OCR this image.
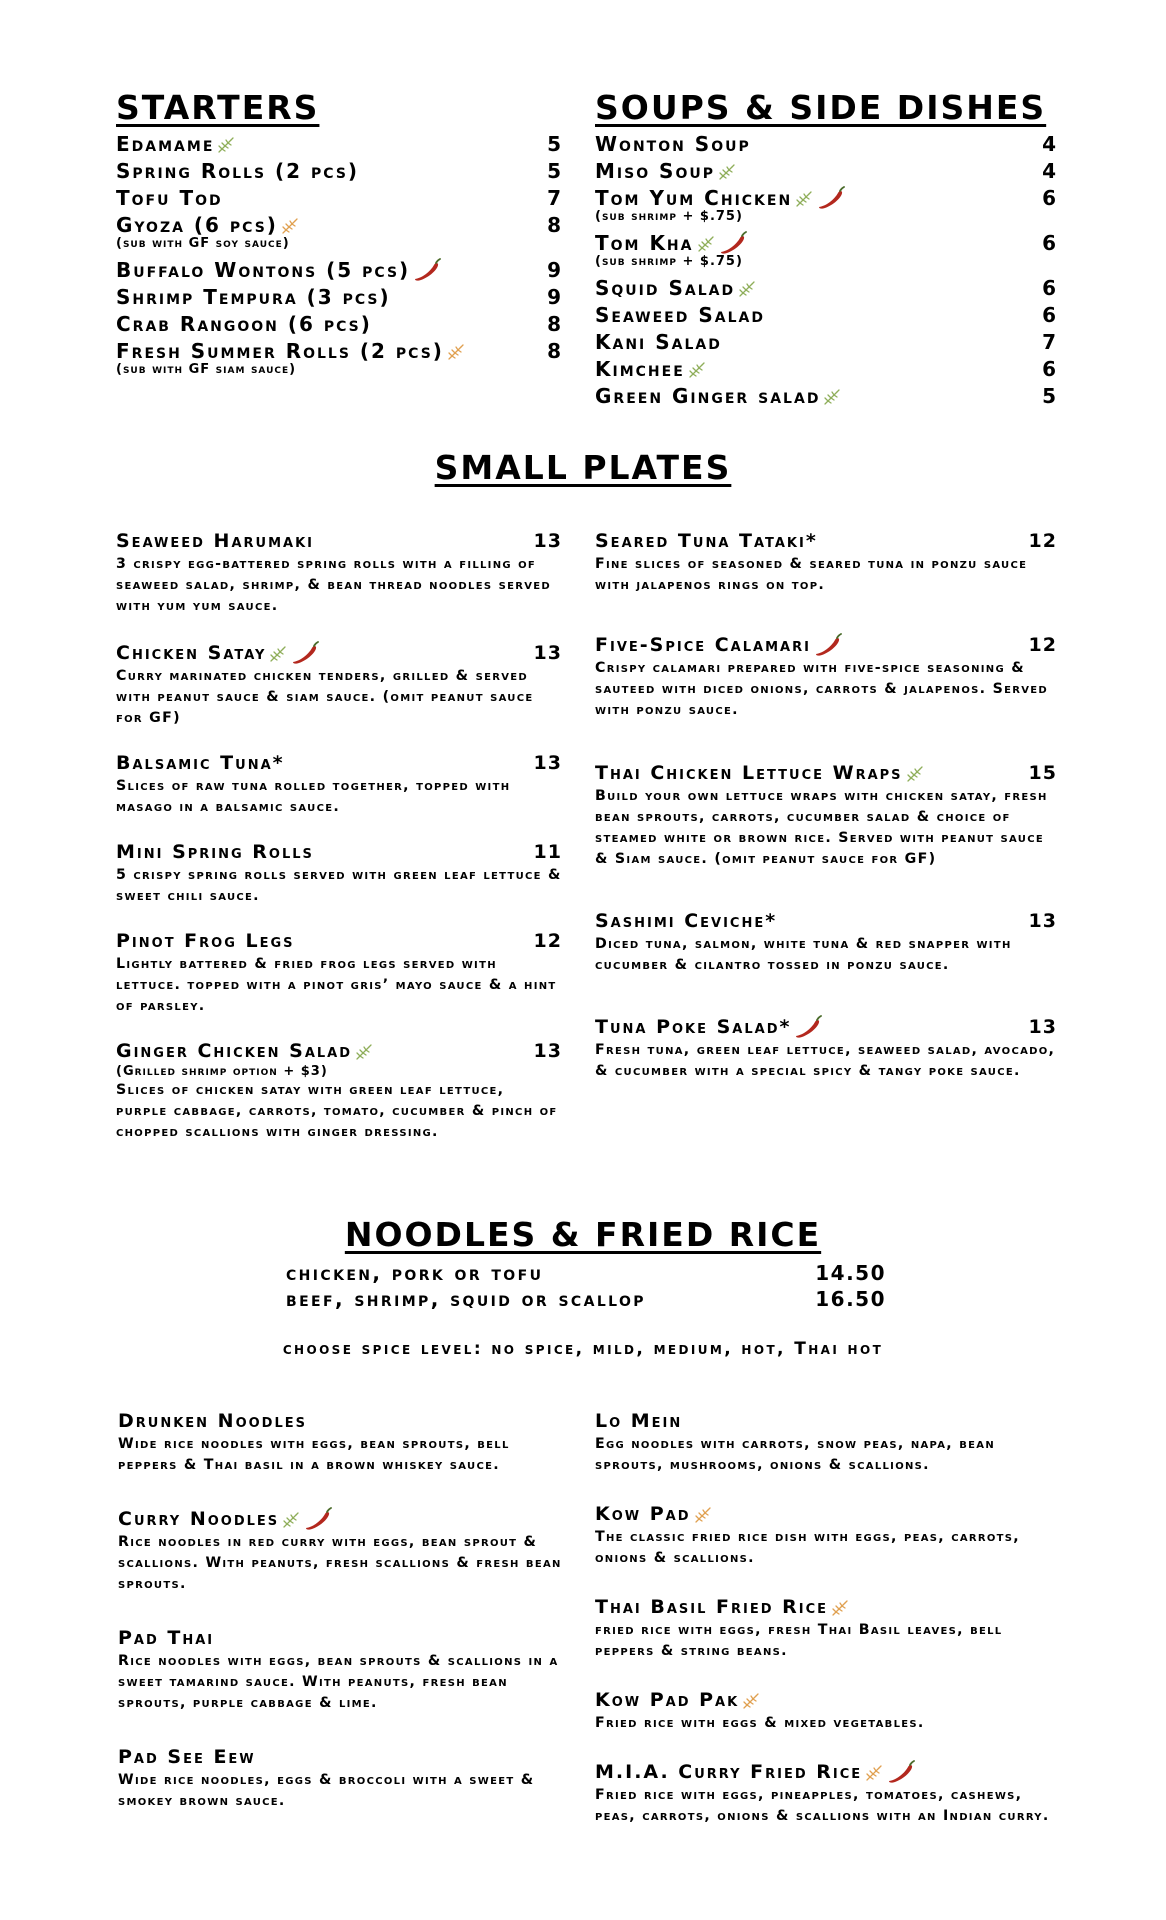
STARTERS	SOUPS & SIDE DISHES
Edamame	5
Spring Rolls (2 pcs)	5
Tofu Tod	7
Gyoza (6 pcs)	8
(sub with GF soy sauce)
Buffalo Wontons (5 pcs)	9
Shrimp Tempura (3 pcs)	9
Crab Rangoon (6 pcs)	8
Fresh Summer Rolls (2 pcs)	8
(sub with GF siam sauce)
Wonton Soup	4
Miso Soup	4
Tom Yum Chicken	6
(sub shrimp + $.75)
Tom Kha	6
(sub shrimp + $.75)
Squid Salad	6
Seaweed Salad	6
Kani Salad	7
Kimchee	6
Green Ginger salad	5
SMALL PLATES
Seaweed Harumaki	13
3 crispy egg-battered spring rolls with a filling of seaweed salad, shrimp, & bean thread noodles served with yum yum sauce.
Chicken Satay	13
Curry marinated chicken tenders, grilled & served with peanut sauce & siam sauce. (omit peanut sauce for GF)
Balsamic Tuna*	13
Slices of raw tuna rolled together, topped with masago in a balsamic sauce.
Mini Spring Rolls	11
5 crispy spring rolls served with green leaf lettuce & sweet chili sauce.
Pinot Frog Legs	12
Lightly battered & fried frog legs served with lettuce. topped with a pinot gris’ mayo sauce & a hint of parsley.
Ginger Chicken Salad	13
(Grilled shrimp option + $3)
Slices of chicken satay with green leaf lettuce, purple cabbage, carrots, tomato, cucumber & pinch of chopped scallions with ginger dressing.
Seared Tuna Tataki*	12
Fine slices of seasoned & seared tuna in ponzu sauce with jalapenos rings on top.
Five-Spice Calamari	12
Crispy calamari prepared with five-spice seasoning & sauteed with diced onions, carrots & jalapenos. Served with ponzu sauce.
Thai Chicken Lettuce Wraps	15
Build your own lettuce wraps with chicken satay, fresh bean sprouts, carrots, cucumber salad & choice of steamed white or brown rice. Served with peanut sauce & Siam sauce. (omit peanut sauce for GF)
Sashimi Ceviche*	13
Diced tuna, salmon, white tuna & red snapper with cucumber & cilantro tossed in ponzu sauce.
Tuna Poke Salad*	13
Fresh tuna, green leaf lettuce, seaweed salad, avocado, & cucumber with a special spicy & tangy poke sauce.
NOODLES & FRIED RICE
chicken, pork or tofu	14.50
beef, shrimp, squid or scallop	16.50
choose spice level: no spice, mild, medium, hot, Thai hot
Drunken Noodles
Wide rice noodles with eggs, bean sprouts, bell peppers & Thai basil in a brown whiskey sauce.
Curry Noodles
Rice noodles in red curry with eggs, bean sprout & scallions. With peanuts, fresh scallions & fresh bean sprouts.
Pad Thai
Rice noodles with eggs, bean sprouts & scallions in a sweet tamarind sauce. With peanuts, fresh bean sprouts, purple cabbage & lime.
Pad See Eew
Wide rice noodles, eggs & broccoli with a sweet & smokey brown sauce.
Lo Mein
Egg noodles with carrots, snow peas, napa, bean sprouts, mushrooms, onions & scallions.
Kow Pad
The classic fried rice dish with eggs, peas, carrots, onions & scallions.
Thai Basil Fried Rice
fried rice with eggs, fresh Thai Basil leaves, bell peppers & string beans.
Kow Pad Pak
Fried rice with eggs & mixed vegetables.
M.I.A. Curry Fried Rice
Fried rice with eggs, pineapples, tomatoes, cashews, peas, carrots, onions & scallions with an Indian curry.
